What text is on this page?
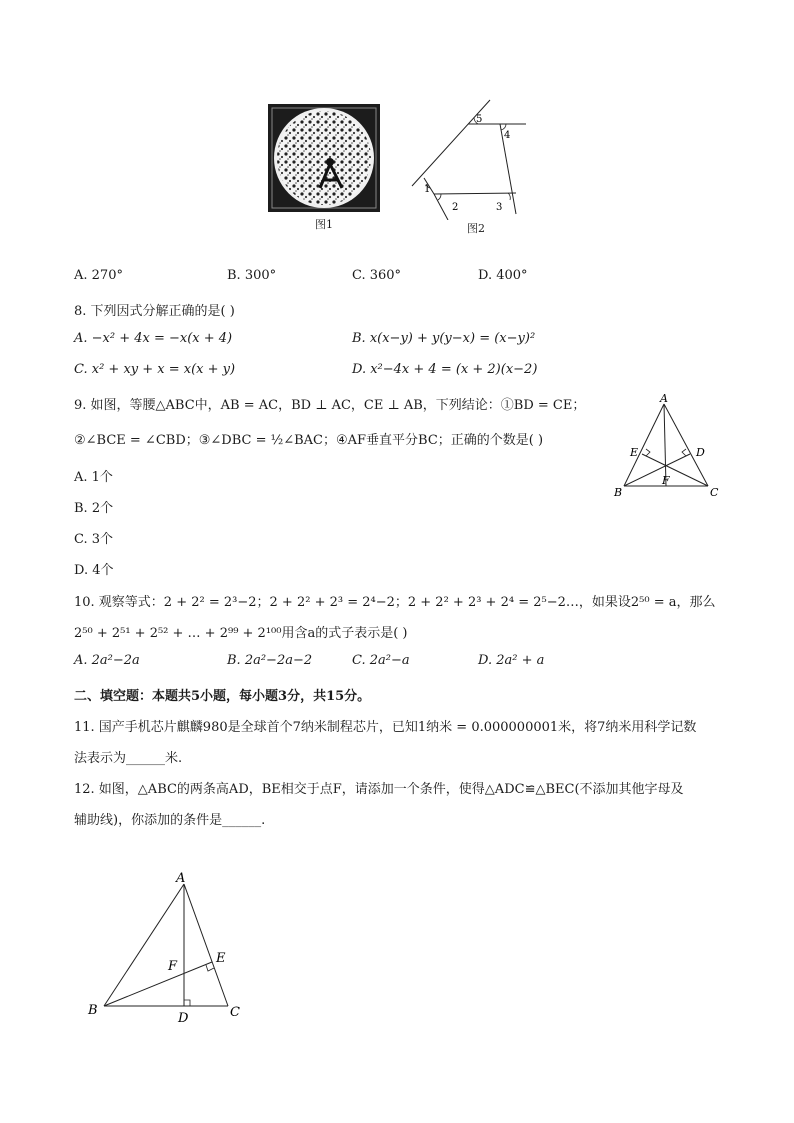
图1
1
2	3
4
5
图2
A. 270°	B. 300°	C. 360°	D. 400°
8. 下列因式分解正确的是( )
A. −x² + 4x = −x(x + 4)	B. x(x−y) + y(y−x) = (x−y)²
C. x² + xy + x = x(x + y)	D. x²−4x + 4 = (x + 2)(x−2)
9. 如图，等腰△ABC中，AB = AC，BD ⊥ AC，CE ⊥ AB，下列结论：①BD = CE；
②∠BCE = ∠CBD；③∠DBC = ½∠BAC；④AF垂直平分BC；正确的个数是( )
A. 1个
B. 2个
C. 3个
D. 4个
A
E	D
F
B	C
10. 观察等式：2 + 2² = 2³−2；2 + 2² + 2³ = 2⁴−2；2 + 2² + 2³ + 2⁴ = 2⁵−2…，如果设2⁵⁰ = a，那么
2⁵⁰ + 2⁵¹ + 2⁵² + … + 2⁹⁹ + 2¹⁰⁰用含a的式子表示是( )
A. 2a²−2a	B. 2a²−2a−2	C. 2a²−a	D. 2a² + a
二、填空题：本题共5小题，每小题3分，共15分。
11. 国产手机芯片麒麟980是全球首个7纳米制程芯片，已知1纳米 = 0.000000001米，将7纳米用科学记数
法表示为______米.
12. 如图，△ABC的两条高AD，BE相交于点F，请添加一个条件，使得△ADC≌△BEC(不添加其他字母及
辅助线)，你添加的条件是______.
A
E
F
B
D	C
